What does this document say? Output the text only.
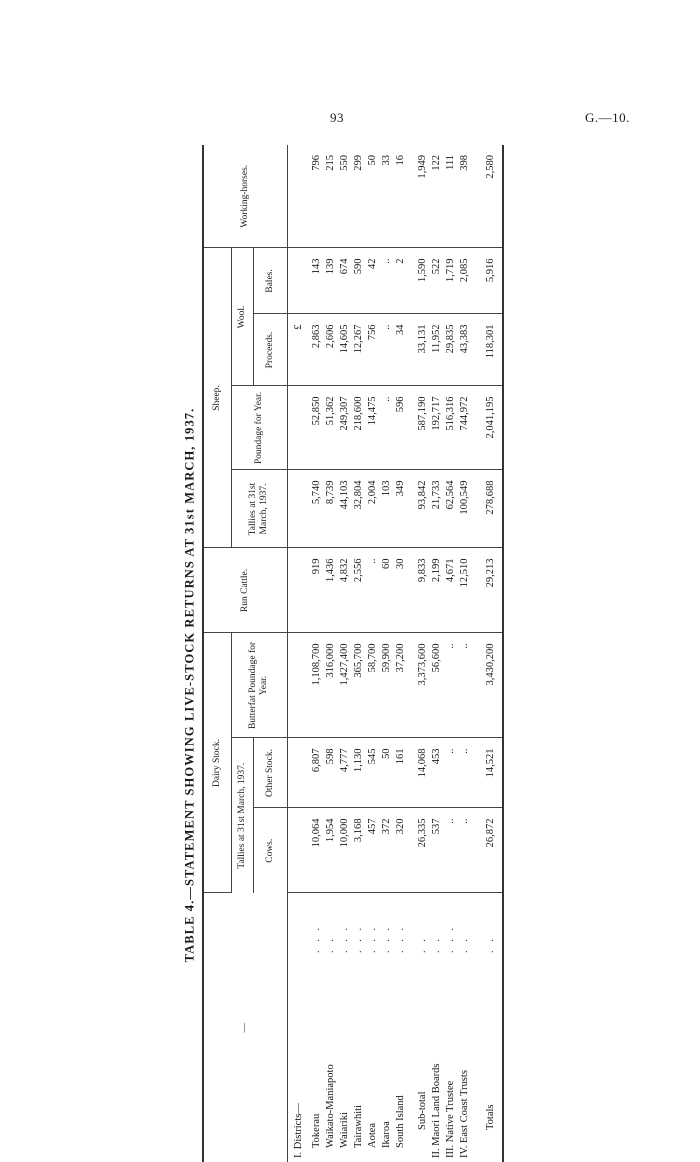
93	G.—10.
TABLE 4.—STATEMENT SHOWING LIVE-STOCK RETURNS AT 31st MARCH, 1937.
—		Dairy Stock.			Run Cattle.	Sheep.				Working-horses.
		Tallies at 31st March, 1937.		Butterfat Poundage for Year.		Tallies at 31st March, 1937.	Poundage for Year.	Wool.		
		Cows.	Other Stock.					Proceeds.	Bales.	

I. Districts—								£		
Tokerau	. . .	10,064	6,807	1,108,700	919	5,740	52,850	2,863	143	796
Waikato-Maniapoto	. .	1,954	598	316,000	1,436	8,739	51,362	2,606	139	215
Waiariki	. . .	10,000	4,777	1,427,400	4,832	44,103	249,307	14,605	674	550
Tairawhiti	. . .	3,168	1,130	365,700	2,556	32,804	218,600	12,267	590	299
Aotea	. . .	457	545	58,700	..	2,004	14,475	756	42	50
Ikaroa	. . .	372	50	59,900	60	103	..	..	..	33
South Island	. . .	320	161	37,200	30	349	596	34	2	16

Sub-total	. .	26,335	14,068	3,373,600	9,833	93,842	587,190	33,131	1,590	1,949
II. Maori Land Boards	. .	537	453	56,600	2,199	21,733	192,717	11,952	522	122
III. Native Trustee	. . .	..	..	..	4,671	62,564	516,316	29,835	1,719	111
IV. East Coast Trusts	. .	..	..	..	12,510	100,549	744,972	43,383	2,085	398

Totals	. .	26,872	14,521	3,430,200	29,213	278,688	2,041,195	118,301	5,916	2,580
